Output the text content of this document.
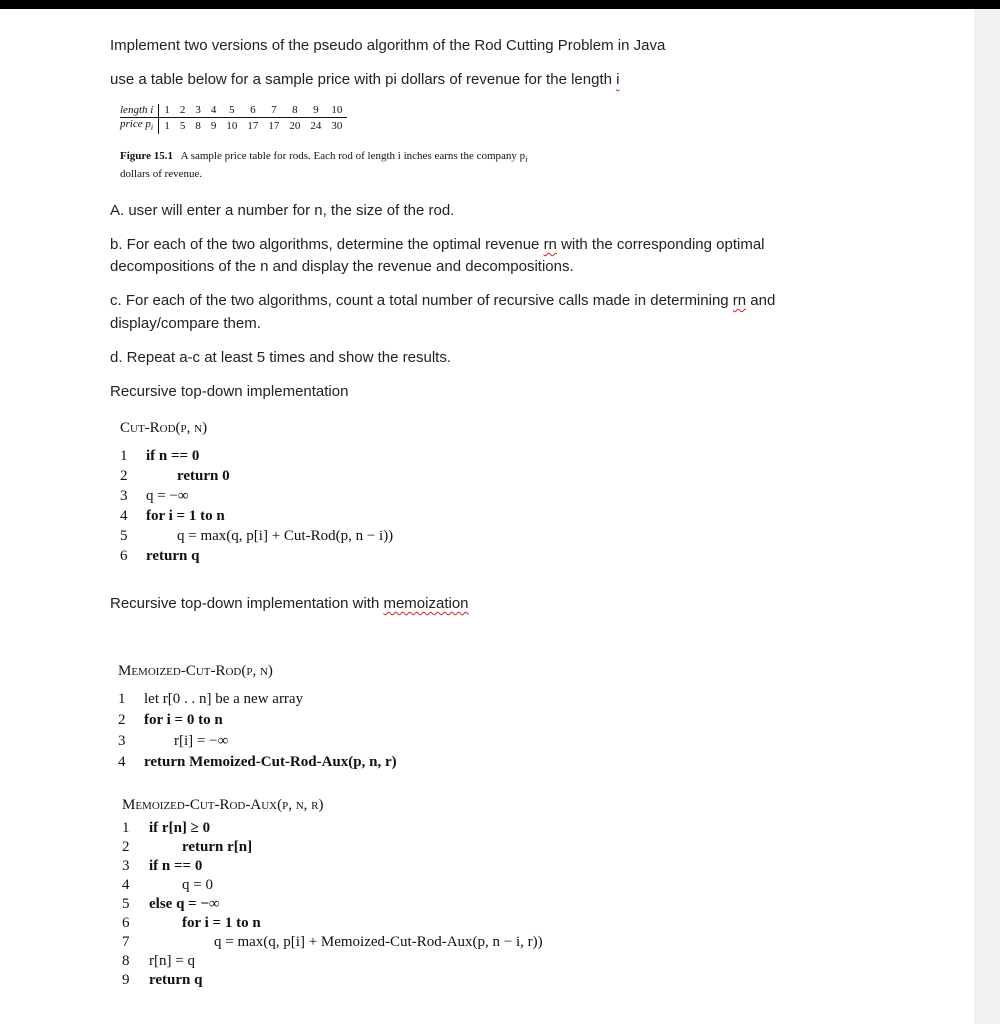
Implement two versions of the pseudo algorithm of the Rod Cutting Problem in Java
use a table below for a sample price with pi dollars of revenue for the length i
length i	1	2	3	4	5	6	7	8	9	10
price $p_i$	1	5	8	9	10	17	17	20	24	30
Figure 15.1 A sample price table for rods. Each rod of length i inches earns the company $p_i$
dollars of revenue.
A. user will enter a number for n, the size of the rod.
b. For each of the two algorithms, determine the optimal revenue rn with the corresponding optimal
decompositions of the n and display the revenue and decompositions.
c. For each of the two algorithms, count a total number of recursive calls made in determining rn and
display/compare them.
d. Repeat a-c at least 5 times and show the results.
Recursive top-down implementation
Cut-Rod(p, n)
1	if n == 0
2	return 0
3	q = −∞
4	for i = 1 to n
5	q = max(q, p[i] + Cut-Rod(p, n − i))
6	return q
Recursive top-down implementation with memoization
Memoized-Cut-Rod(p, n)
1	let r[0 . . n] be a new array
2	for i = 0 to n
3	r[i] = −∞
4	return Memoized-Cut-Rod-Aux(p, n, r)
Memoized-Cut-Rod-Aux(p, n, r)
1	if r[n] ≥ 0
2	return r[n]
3	if n == 0
4	q = 0
5	else q = −∞
6	for i = 1 to n
7	q = max(q, p[i] + Memoized-Cut-Rod-Aux(p, n − i, r))
8	r[n] = q
9	return q
